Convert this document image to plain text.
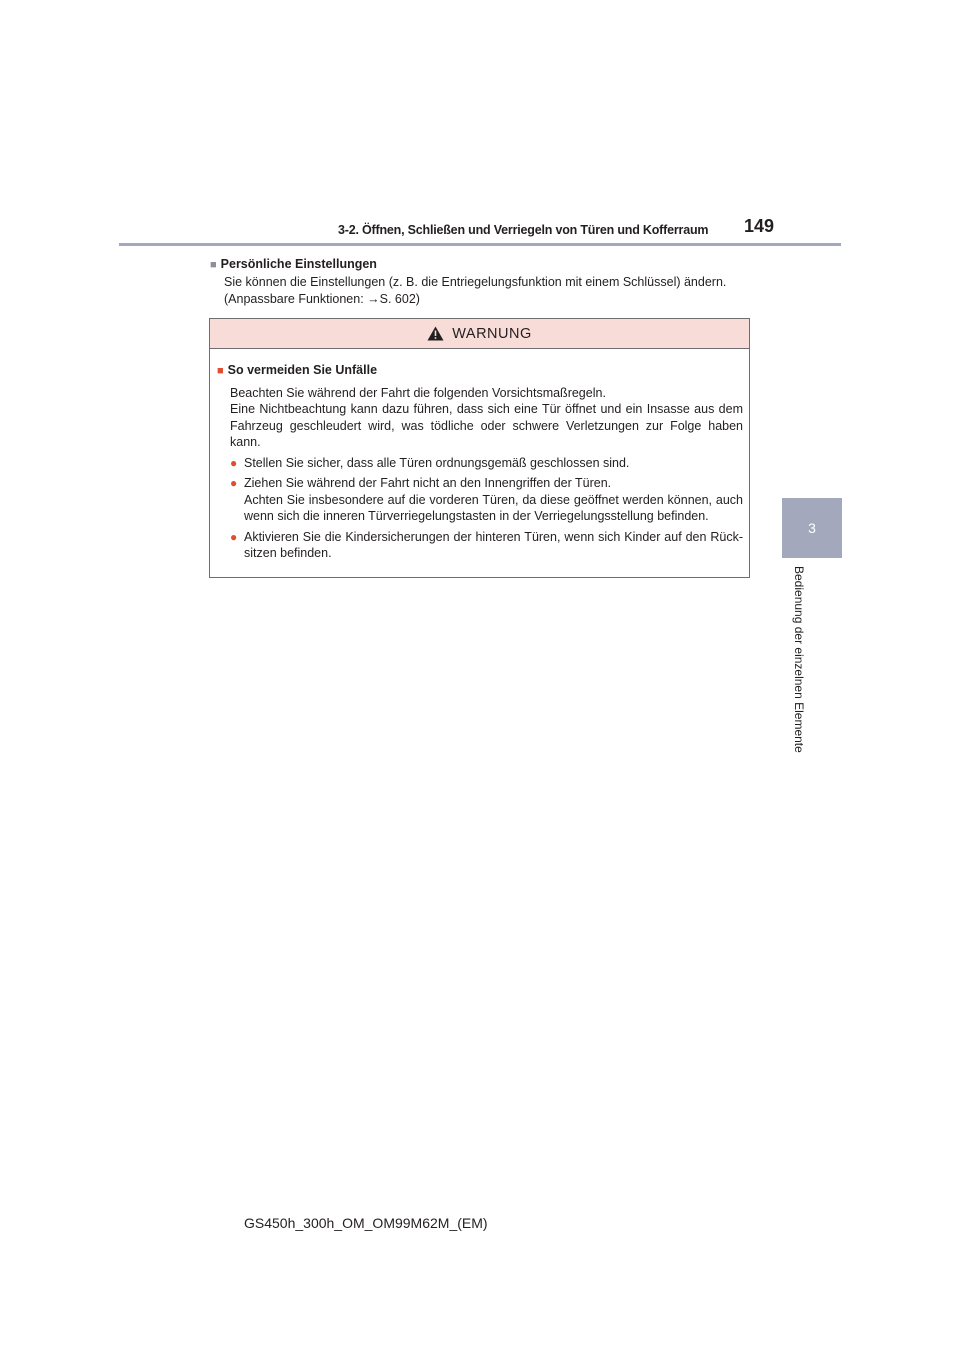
3-2. Öffnen, Schließen und Verriegeln von Türen und Kofferraum 149
3
Bedienung der einzelnen Elemente
■ Persönliche Einstellungen
Sie können die Einstellungen (z. B. die Entriegelungsfunktion mit einem Schlüssel) ändern.
(Anpassbare Funktionen: →S. 602)
WARNUNG
■ So vermeiden Sie Unfälle
Beachten Sie während der Fahrt die folgenden Vorsichtsmaßregeln.
Eine Nichtbeachtung kann dazu führen, dass sich eine Tür öffnet und ein Insasse aus dem
Fahrzeug geschleudert wird, was tödliche oder schwere Verletzungen zur Folge haben
kann.
● Stellen Sie sicher, dass alle Türen ordnungsgemäß geschlossen sind.
● Ziehen Sie während der Fahrt nicht an den Innengriffen der Türen.
Achten Sie insbesondere auf die vorderen Türen, da diese geöffnet werden können, auch
wenn sich die inneren Türverriegelungstasten in der Verriegelungsstellung befinden.
● Aktivieren Sie die Kindersicherungen der hinteren Türen, wenn sich Kinder auf den Rück-
sitzen befinden.
GS450h_300h_OM_OM99M62M_(EM)
